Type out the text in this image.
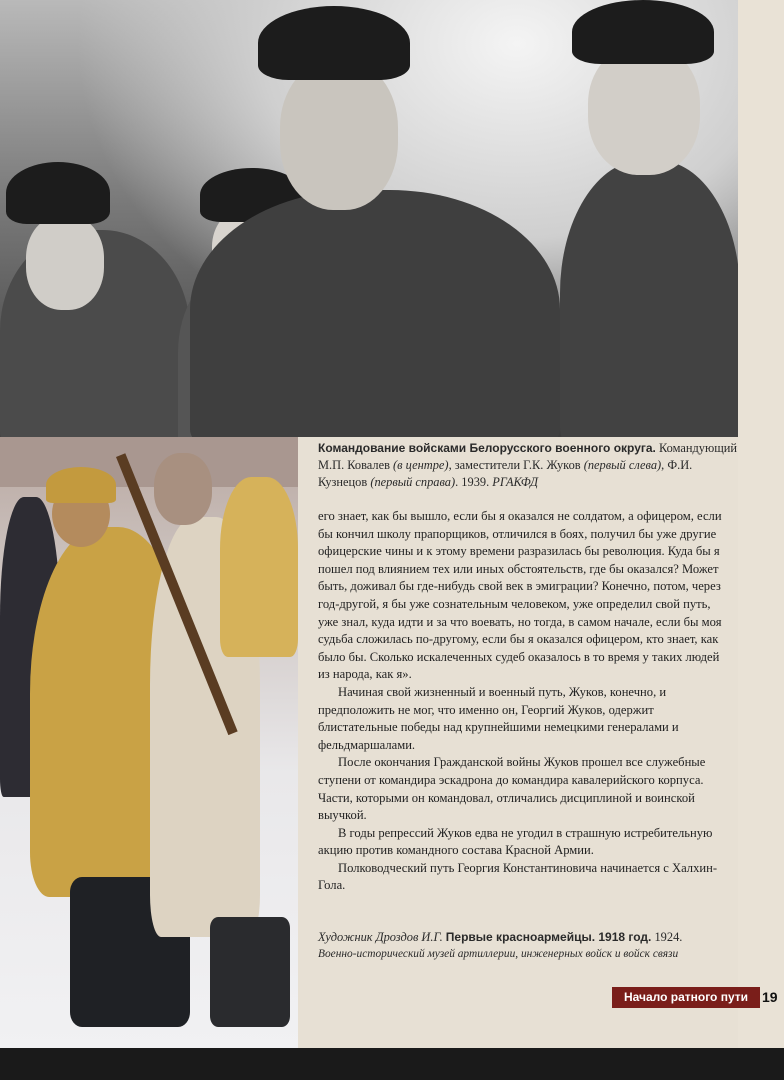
Командование войсками Белорусского военного округа. Командующий М.П. Ковалев (в центре), заместители Г.К. Жуков (первый слева), Ф.И. Кузнецов (первый справа). 1939. РГАКФД

его знает, как бы вышло, если бы я оказался не солдатом, а офицером, если бы кончил школу прапорщиков, отличился в боях, получил бы уже другие офицерские чины и к этому времени разразилась бы революция. Куда бы я пошел под влиянием тех или иных обстоятельств, где бы оказался? Может быть, доживал бы где-нибудь свой век в эмиграции? Конечно, потом, через год-другой, я бы уже сознательным человеком, уже определил свой путь, уже знал, куда идти и за что воевать, но тогда, в самом начале, если бы моя судьба сложилась по-другому, если бы я оказался офицером, кто знает, как было бы. Сколько искалеченных судеб оказалось в то время у таких людей из народа, как я».

Начиная свой жизненный и военный путь, Жуков, конечно, и предположить не мог, что именно он, Георгий Жуков, одержит блистательные победы над крупнейшими немецкими генералами и фельдмаршалами.

После окончания Гражданской войны Жуков прошел все служебные ступени от командира эскадрона до командира кавалерийского корпуса. Части, которыми он командовал, отличались дисциплиной и воинской выучкой.

В годы репрессий Жуков едва не угодил в страшную истребительную акцию против командного состава Красной Армии.

Полководческий путь Георгия Константиновича начинается с Халхин-Гола.

Художник Дроздов И.Г. Первые красноармейцы. 1918 год. 1924.
Военно-исторический музей артиллерии, инженерных войск и войск связи
Начало ратного пути 19
